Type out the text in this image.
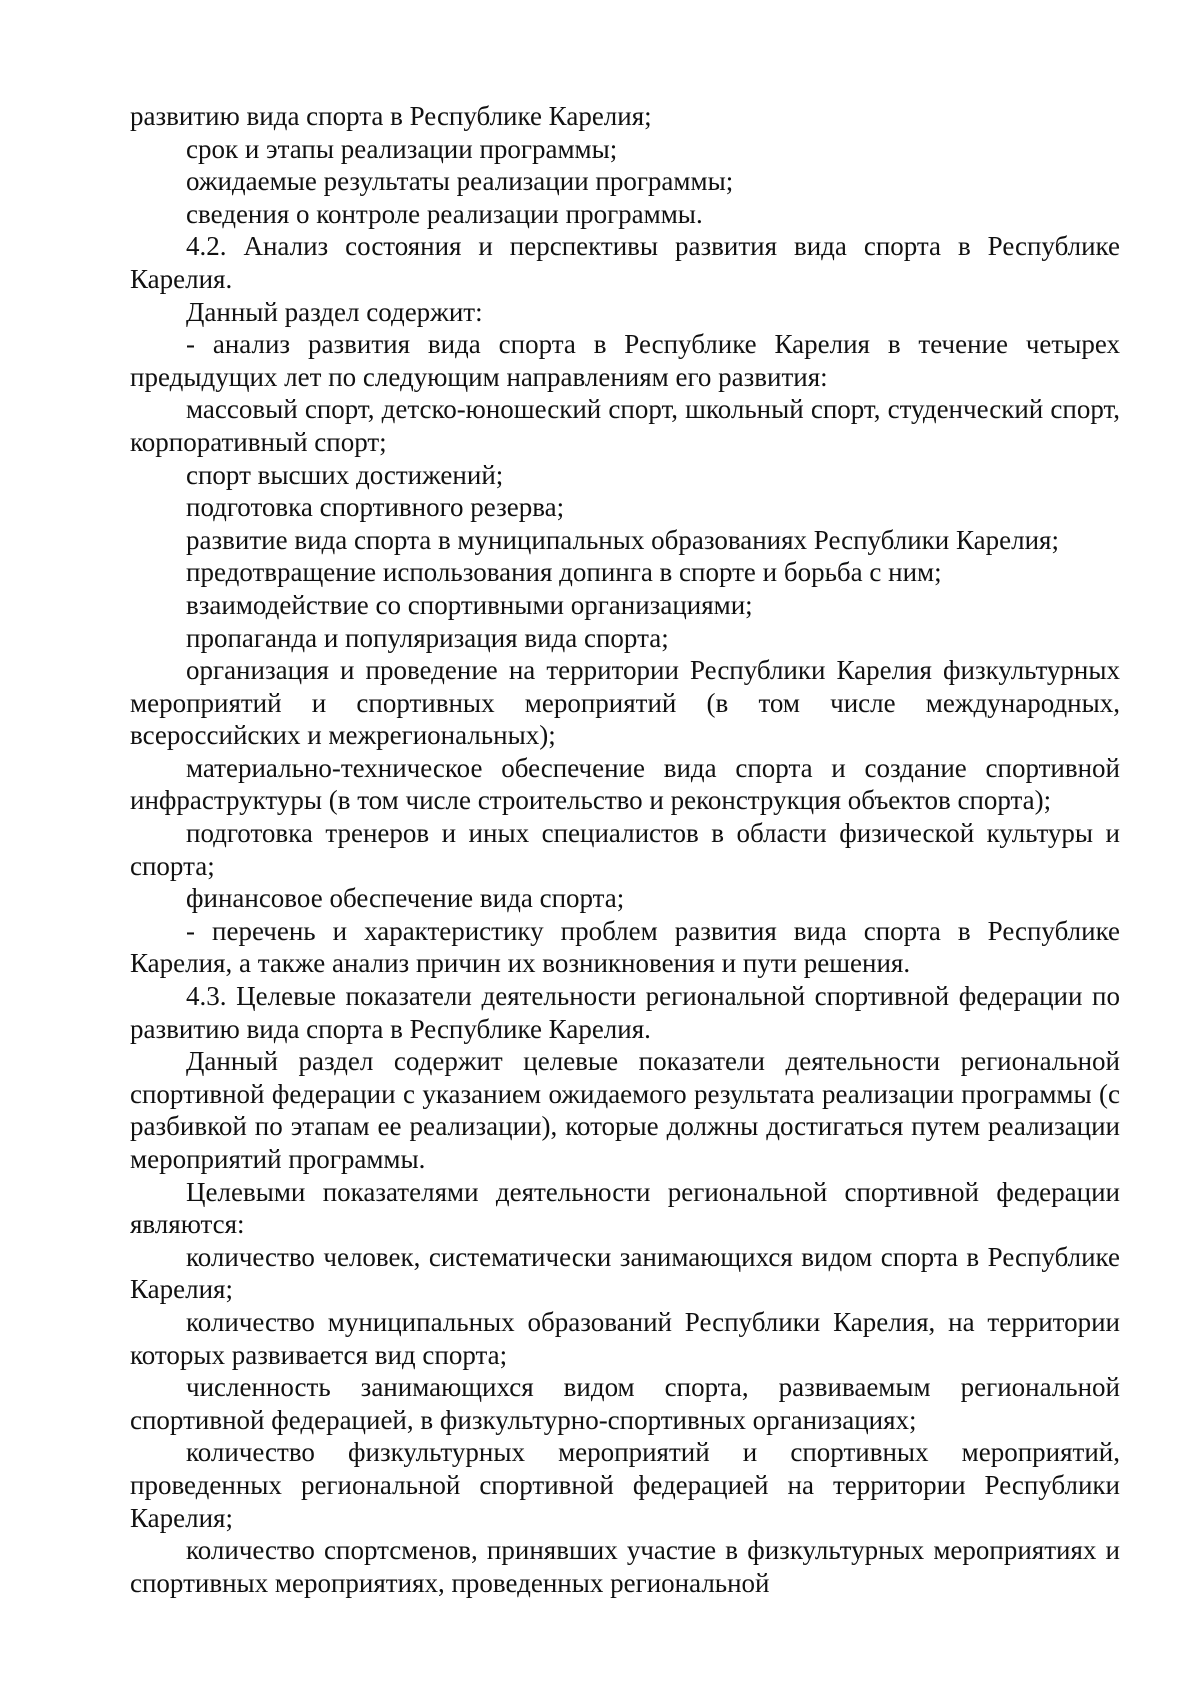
развитию вида спорта в Республике Карелия;

срок и этапы реализации программы;

ожидаемые результаты реализации программы;

сведения о контроле реализации программы.

4.2. Анализ состояния и перспективы развития вида спорта в Республике Карелия.

Данный раздел содержит:

- анализ развития вида спорта в Республике Карелия в течение четырех предыдущих лет по следующим направлениям его развития:

массовый спорт, детско-юношеский спорт, школьный спорт, студенческий спорт, корпоративный спорт;

спорт высших достижений;

подготовка спортивного резерва;

развитие вида спорта в муниципальных образованиях Республики Карелия;

предотвращение использования допинга в спорте и борьба с ним;

взаимодействие со спортивными организациями;

пропаганда и популяризация вида спорта;

организация и проведение на территории Республики Карелия физкультурных мероприятий и спортивных мероприятий (в том числе международных, всероссийских и межрегиональных);

материально-техническое обеспечение вида спорта и создание спортивной инфраструктуры (в том числе строительство и реконструкция объектов спорта);

подготовка тренеров и иных специалистов в области физической культуры и спорта;

финансовое обеспечение вида спорта;

- перечень и характеристику проблем развития вида спорта в Республике Карелия, а также анализ причин их возникновения и пути решения.

4.3. Целевые показатели деятельности региональной спортивной федерации по развитию вида спорта в Республике Карелия.

Данный раздел содержит целевые показатели деятельности региональной спортивной федерации с указанием ожидаемого результата реализации программы (с разбивкой по этапам ее реализации), которые должны достигаться путем реализации мероприятий программы.

Целевыми показателями деятельности региональной спортивной федерации являются:

количество человек, систематически занимающихся видом спорта в Республике Карелия;

количество муниципальных образований Республики Карелия, на территории которых развивается вид спорта;

численность занимающихся видом спорта, развиваемым региональной спортивной федерацией, в физкультурно-спортивных организациях;

количество физкультурных мероприятий и спортивных мероприятий, проведенных региональной спортивной федерацией на территории Республики Карелия;

количество спортсменов, принявших участие в физкультурных мероприятиях и спортивных мероприятиях, проведенных региональной
